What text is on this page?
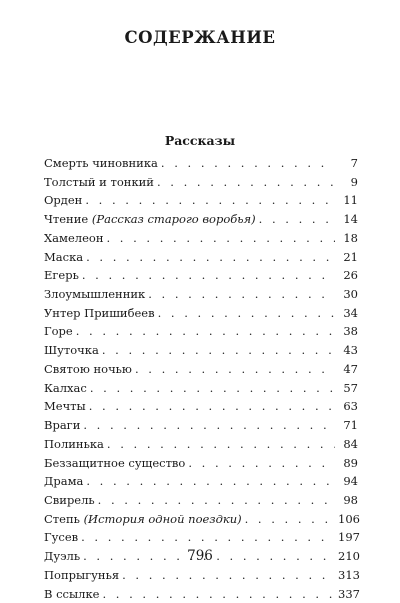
СОДЕРЖАНИЕ
Рассказы
Смерть чиновника . . .	7
Толстый и тонкий . . .	9
Орден . . .	11
Чтение (Рассказ старого воробья) . . .	14
Хамелеон . . .	18
Маска . . .	21
Егерь . . .	26
Злоумышленник . . .	30
Унтер Пришибеев . . .	34
Горе . . .	38
Шуточка . . .	43
Святою ночью . . .	47
Калхас . . .	57
Мечты . . .	63
Враги . . .	71
Полинька . . .	84
Беззащитное существо . . .	89
Драма . . .	94
Свирель . . .	98
Степь (История одной поездки) . . .	106
Гусев . . .	197
Дуэль . . .	210
Попрыгунья . . .	313
В ссылке . . .	337
796
